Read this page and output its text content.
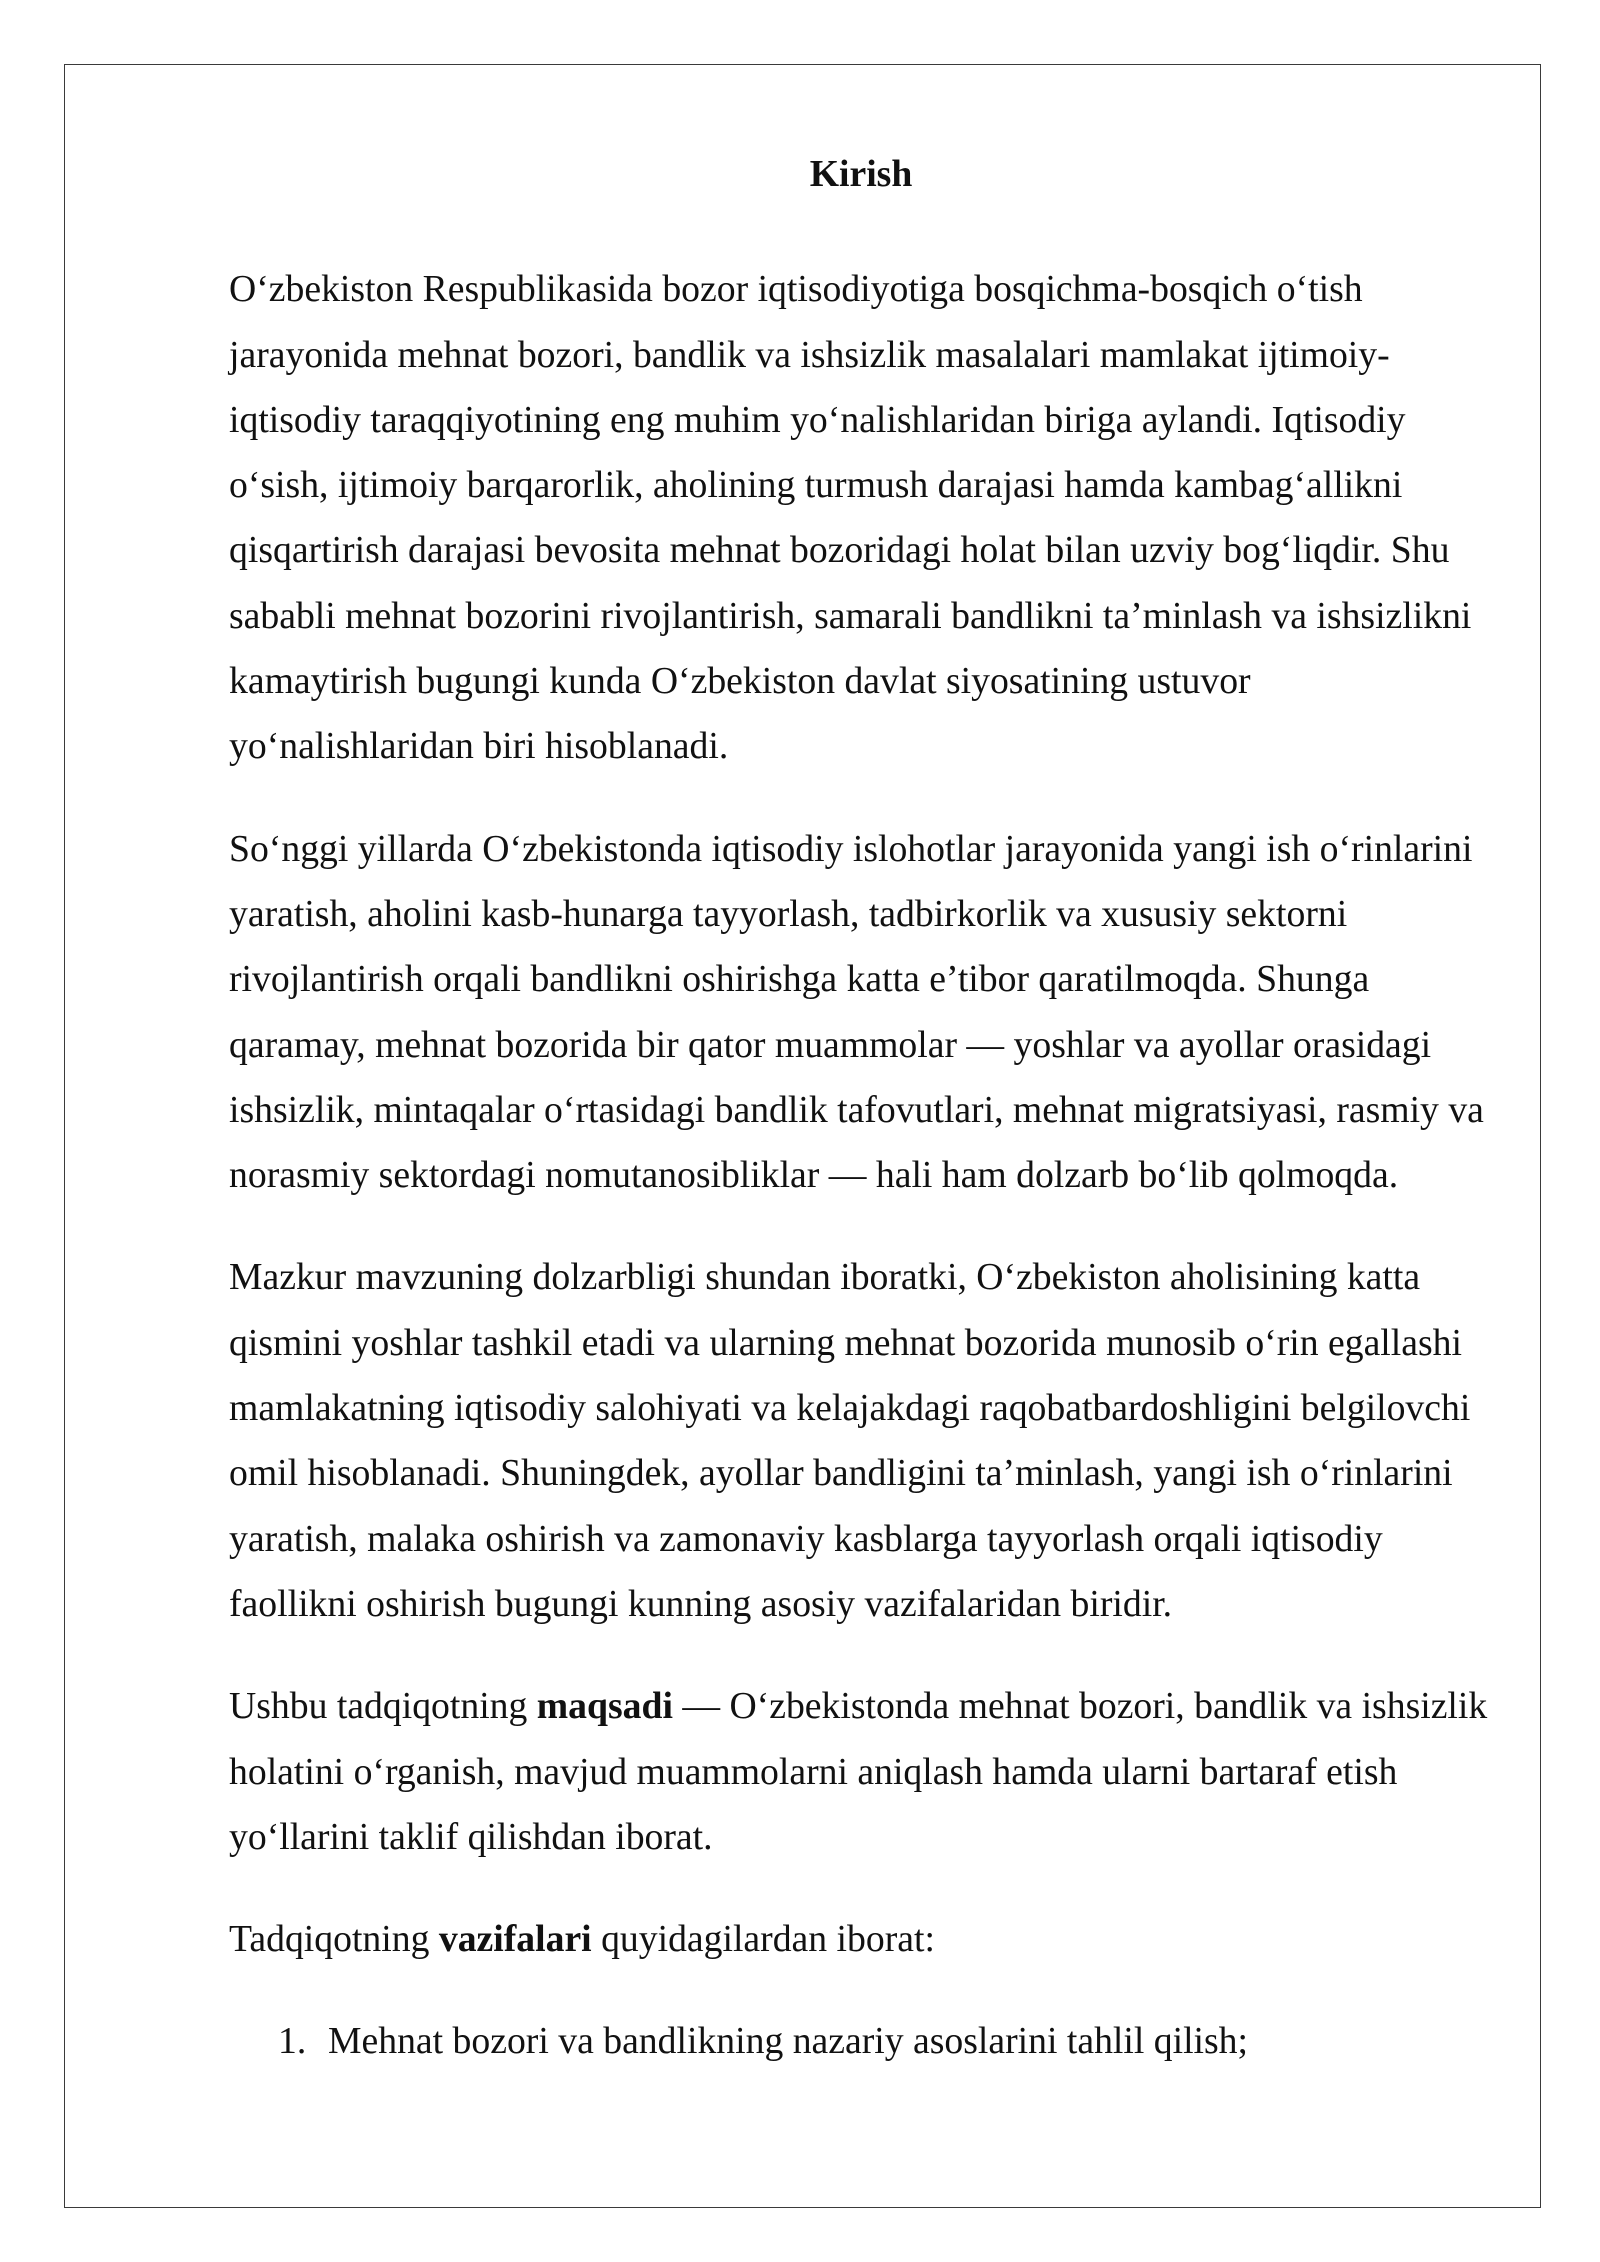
Kirish
O‘zbekiston Respublikasida bozor iqtisodiyotiga bosqichma-bosqich o‘tish
jarayonida mehnat bozori, bandlik va ishsizlik masalalari mamlakat ijtimoiy-
iqtisodiy taraqqiyotining eng muhim yo‘nalishlaridan biriga aylandi. Iqtisodiy
o‘sish, ijtimoiy barqarorlik, aholining turmush darajasi hamda kambag‘allikni
qisqartirish darajasi bevosita mehnat bozoridagi holat bilan uzviy bog‘liqdir. Shu
sababli mehnat bozorini rivojlantirish, samarali bandlikni ta’minlash va ishsizlikni
kamaytirish bugungi kunda O‘zbekiston davlat siyosatining ustuvor
yo‘nalishlaridan biri hisoblanadi.
So‘nggi yillarda O‘zbekistonda iqtisodiy islohotlar jarayonida yangi ish o‘rinlarini
yaratish, aholini kasb-hunarga tayyorlash, tadbirkorlik va xususiy sektorni
rivojlantirish orqali bandlikni oshirishga katta e’tibor qaratilmoqda. Shunga
qaramay, mehnat bozorida bir qator muammolar — yoshlar va ayollar orasidagi
ishsizlik, mintaqalar o‘rtasidagi bandlik tafovutlari, mehnat migratsiyasi, rasmiy va
norasmiy sektordagi nomutanosibliklar — hali ham dolzarb bo‘lib qolmoqda.
Mazkur mavzuning dolzarbligi shundan iboratki, O‘zbekiston aholisining katta
qismini yoshlar tashkil etadi va ularning mehnat bozorida munosib o‘rin egallashi
mamlakatning iqtisodiy salohiyati va kelajakdagi raqobatbardoshligini belgilovchi
omil hisoblanadi. Shuningdek, ayollar bandligini ta’minlash, yangi ish o‘rinlarini
yaratish, malaka oshirish va zamonaviy kasblarga tayyorlash orqali iqtisodiy
faollikni oshirish bugungi kunning asosiy vazifalaridan biridir.
Ushbu tadqiqotning maqsadi — O‘zbekistonda mehnat bozori, bandlik va ishsizlik
holatini o‘rganish, mavjud muammolarni aniqlash hamda ularni bartaraf etish
yo‘llarini taklif qilishdan iborat.
Tadqiqotning vazifalari quyidagilardan iborat:
1. Mehnat bozori va bandlikning nazariy asoslarini tahlil qilish;
